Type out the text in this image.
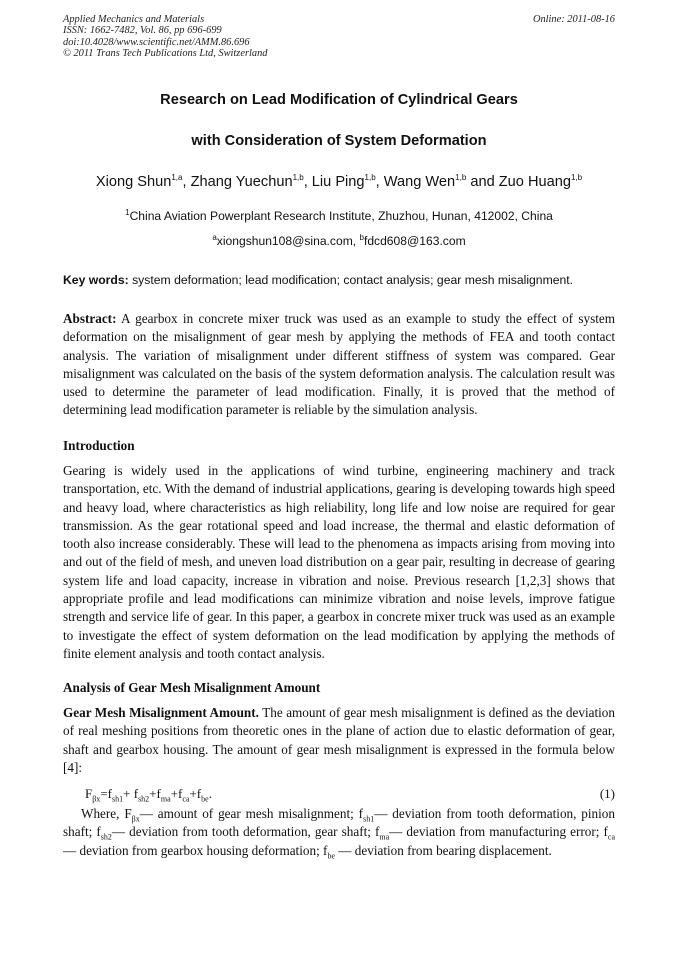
Applied Mechanics and Materials
ISSN: 1662-7482, Vol. 86, pp 696-699
doi:10.4028/www.scientific.net/AMM.86.696
© 2011 Trans Tech Publications Ltd, Switzerland
Online: 2011-08-16
Research on Lead Modification of Cylindrical Gears
with Consideration of System Deformation
Xiong Shun$^{1,a}$, Zhang Yuechun$^{1,b}$, Liu Ping$^{1,b}$, Wang Wen$^{1,b}$ and Zuo Huang$^{1,b}$
$^1$China Aviation Powerplant Research Institute, Zhuzhou, Hunan, 412002, China
$^a$xiongshun108@sina.com, $^b$fdcd608@163.com
Key words: system deformation; lead modification; contact analysis; gear mesh misalignment.
Abstract: A gearbox in concrete mixer truck was used as an example to study the effect of system deformation on the misalignment of gear mesh by applying the methods of FEA and tooth contact analysis. The variation of misalignment under different stiffness of system was compared. Gear misalignment was calculated on the basis of the system deformation analysis. The calculation result was used to determine the parameter of lead modification. Finally, it is proved that the method of determining lead modification parameter is reliable by the simulation analysis.
Introduction
Gearing is widely used in the applications of wind turbine, engineering machinery and track transportation, etc. With the demand of industrial applications, gearing is developing towards high speed and heavy load, where characteristics as high reliability, long life and low noise are required for gear transmission. As the gear rotational speed and load increase, the thermal and elastic deformation of tooth also increase considerably. These will lead to the phenomena as impacts arising from moving into and out of the field of mesh, and uneven load distribution on a gear pair, resulting in decrease of gearing system life and load capacity, increase in vibration and noise. Previous research [1,2,3] shows that appropriate profile and lead modifications can minimize vibration and noise levels, improve fatigue strength and service life of gear. In this paper, a gearbox in concrete mixer truck was used as an example to investigate the effect of system deformation on the lead modification by applying the methods of finite element analysis and tooth contact analysis.
Analysis of Gear Mesh Misalignment Amount
Gear Mesh Misalignment Amount. The amount of gear mesh misalignment is defined as the deviation of real meshing positions from theoretic ones in the plane of action due to elastic deformation of gear, shaft and gearbox housing. The amount of gear mesh misalignment is expressed in the formula below [4]:
$F_{\beta x}=f_{sh1}+ f_{sh2}+f_{ma}+f_{ca}+f_{be}$.	(1)
Where, $F_{\beta x}—$ amount of gear mesh misalignment; $f_{sh1}—$ deviation from tooth deformation, pinion shaft; $f_{sh2}—$ deviation from tooth deformation, gear shaft; $f_{ma}—$ deviation from manufacturing error; $f_{ca}$ — deviation from gearbox housing deformation; $f_{be}$ — deviation from bearing displacement.
